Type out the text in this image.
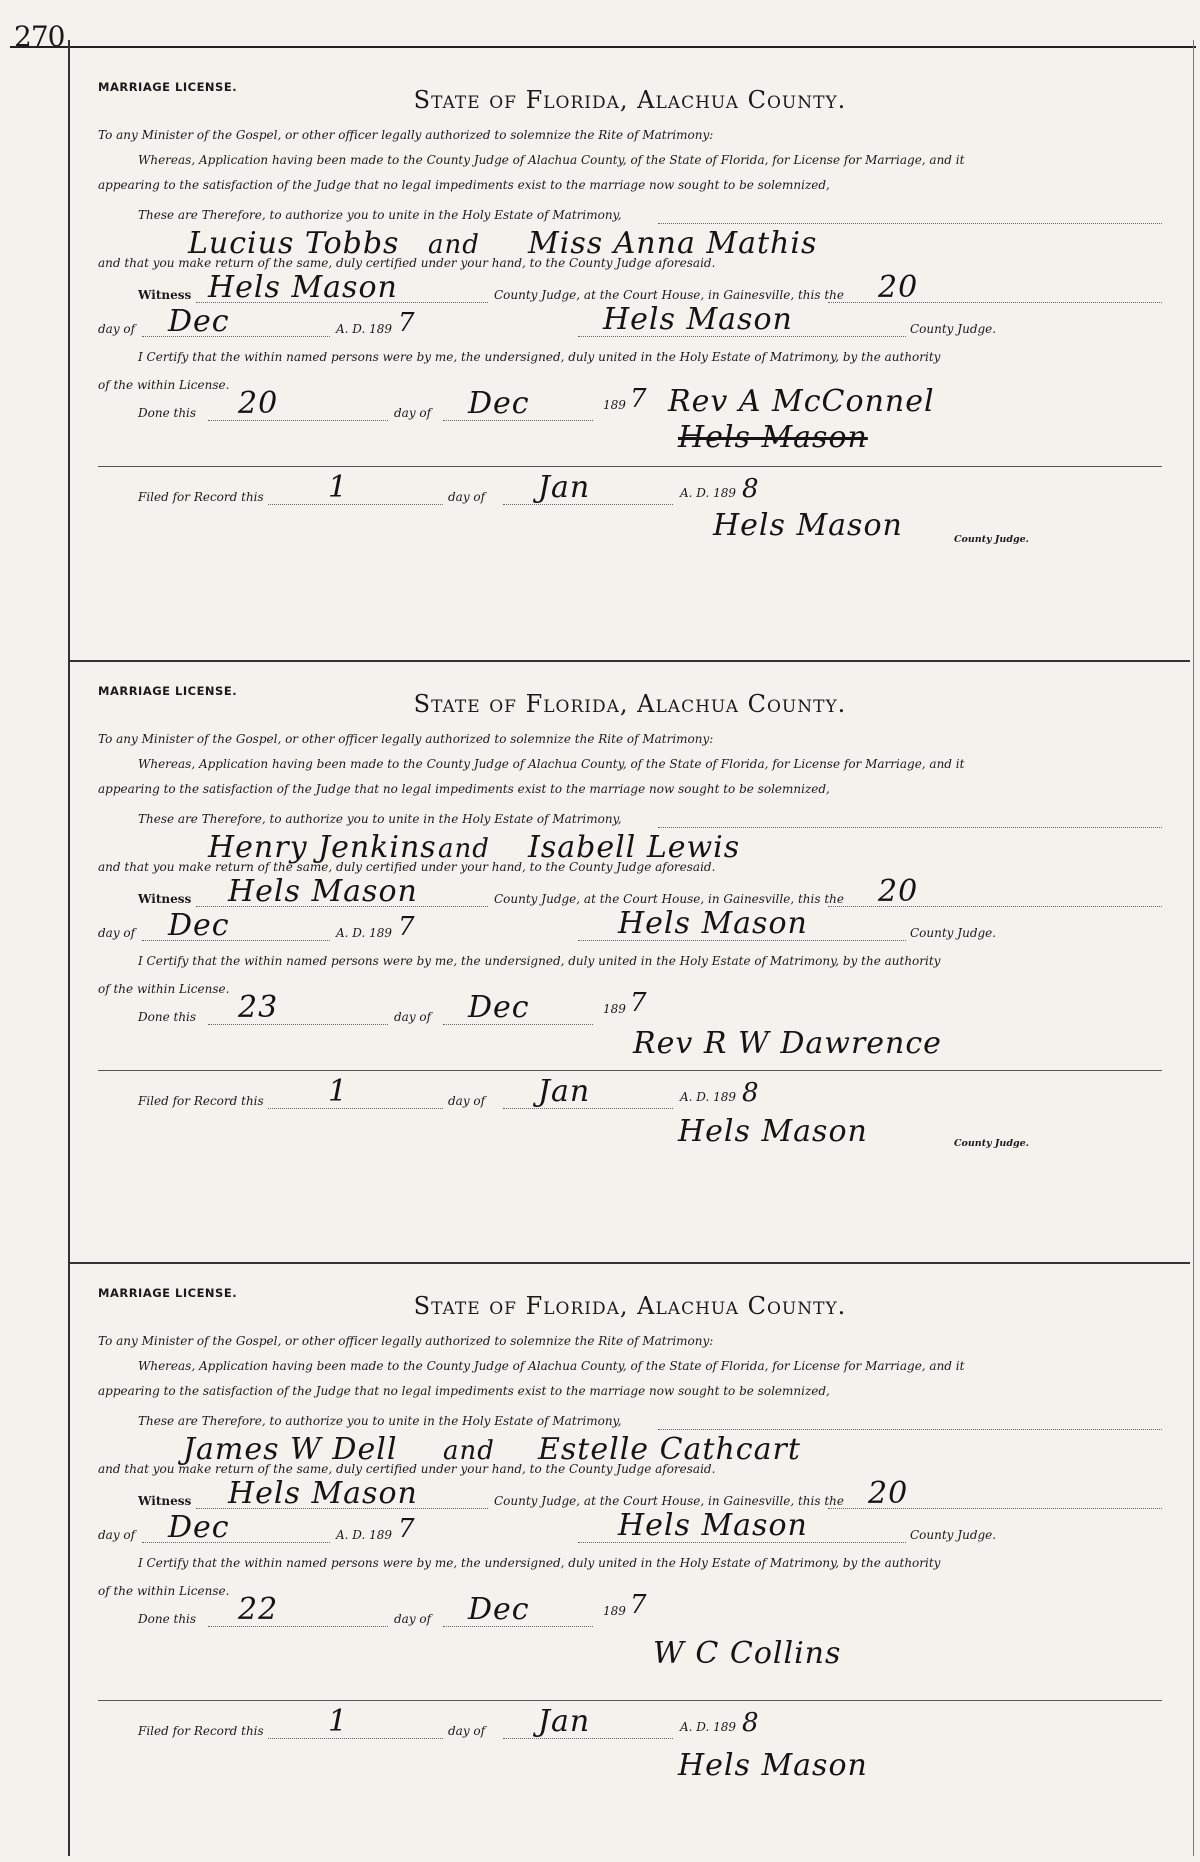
270
MARRIAGE LICENSE.	State of Florida, Alachua County.
To any Minister of the Gospel, or other officer legally authorized to solemnize the Rite of Matrimony:
Whereas, Application having been made to the County Judge of Alachua County, of the State of Florida, for License for Marriage, and it
appearing to the satisfaction of the Judge that no legal impediments exist to the marriage now sought to be solemnized,
These are Therefore, to authorize you to unite in the Holy Estate of Matrimony,
Lucius Tobbs and Miss Anna Mathis
and that you make return of the same, duly certified under your hand, to the County Judge aforesaid.
Witness Hels Mason	County Judge, at the Court House, in Gainesville, this the 20
day of Dec	A. D. 189 7	Hels Mason	County Judge.
I Certify that the within named persons were by me, the undersigned, duly united in the Holy Estate of Matrimony, by the authority
of the within License.
Done this 20	day of Dec	189 7 Rev A McConnel
Hels Mason
Filed for Record this 1	day of Jan	A. D. 189 8
Hels Mason	County Judge.
MARRIAGE LICENSE.	State of Florida, Alachua County.
To any Minister of the Gospel, or other officer legally authorized to solemnize the Rite of Matrimony:
Whereas, Application having been made to the County Judge of Alachua County, of the State of Florida, for License for Marriage, and it
appearing to the satisfaction of the Judge that no legal impediments exist to the marriage now sought to be solemnized,
These are Therefore, to authorize you to unite in the Holy Estate of Matrimony,
Henry Jenkins and Isabell Lewis
and that you make return of the same, duly certified under your hand, to the County Judge aforesaid.
Witness Hels Mason	County Judge, at the Court House, in Gainesville, this the 20
day of Dec	A. D. 189 7	Hels Mason	County Judge.
I Certify that the within named persons were by me, the undersigned, duly united in the Holy Estate of Matrimony, by the authority
of the within License.
Done this 23	day of Dec	189 7
Rev R W Dawrence
Filed for Record this 1	day of Jan	A. D. 189 8
Hels Mason	County Judge.
MARRIAGE LICENSE.	State of Florida, Alachua County.
To any Minister of the Gospel, or other officer legally authorized to solemnize the Rite of Matrimony:
Whereas, Application having been made to the County Judge of Alachua County, of the State of Florida, for License for Marriage, and it
appearing to the satisfaction of the Judge that no legal impediments exist to the marriage now sought to be solemnized,
These are Therefore, to authorize you to unite in the Holy Estate of Matrimony,
James W Dell and Estelle Cathcart
and that you make return of the same, duly certified under your hand, to the County Judge aforesaid.
Witness Hels Mason	County Judge, at the Court House, in Gainesville, this the 20
day of Dec	A. D. 189 7	Hels Mason	County Judge.
I Certify that the within named persons were by me, the undersigned, duly united in the Holy Estate of Matrimony, by the authority
of the within License.
Done this 22	day of Dec	189 7
W C Collins
Filed for Record this 1	day of Jan	A. D. 189 8
Hels Mason
